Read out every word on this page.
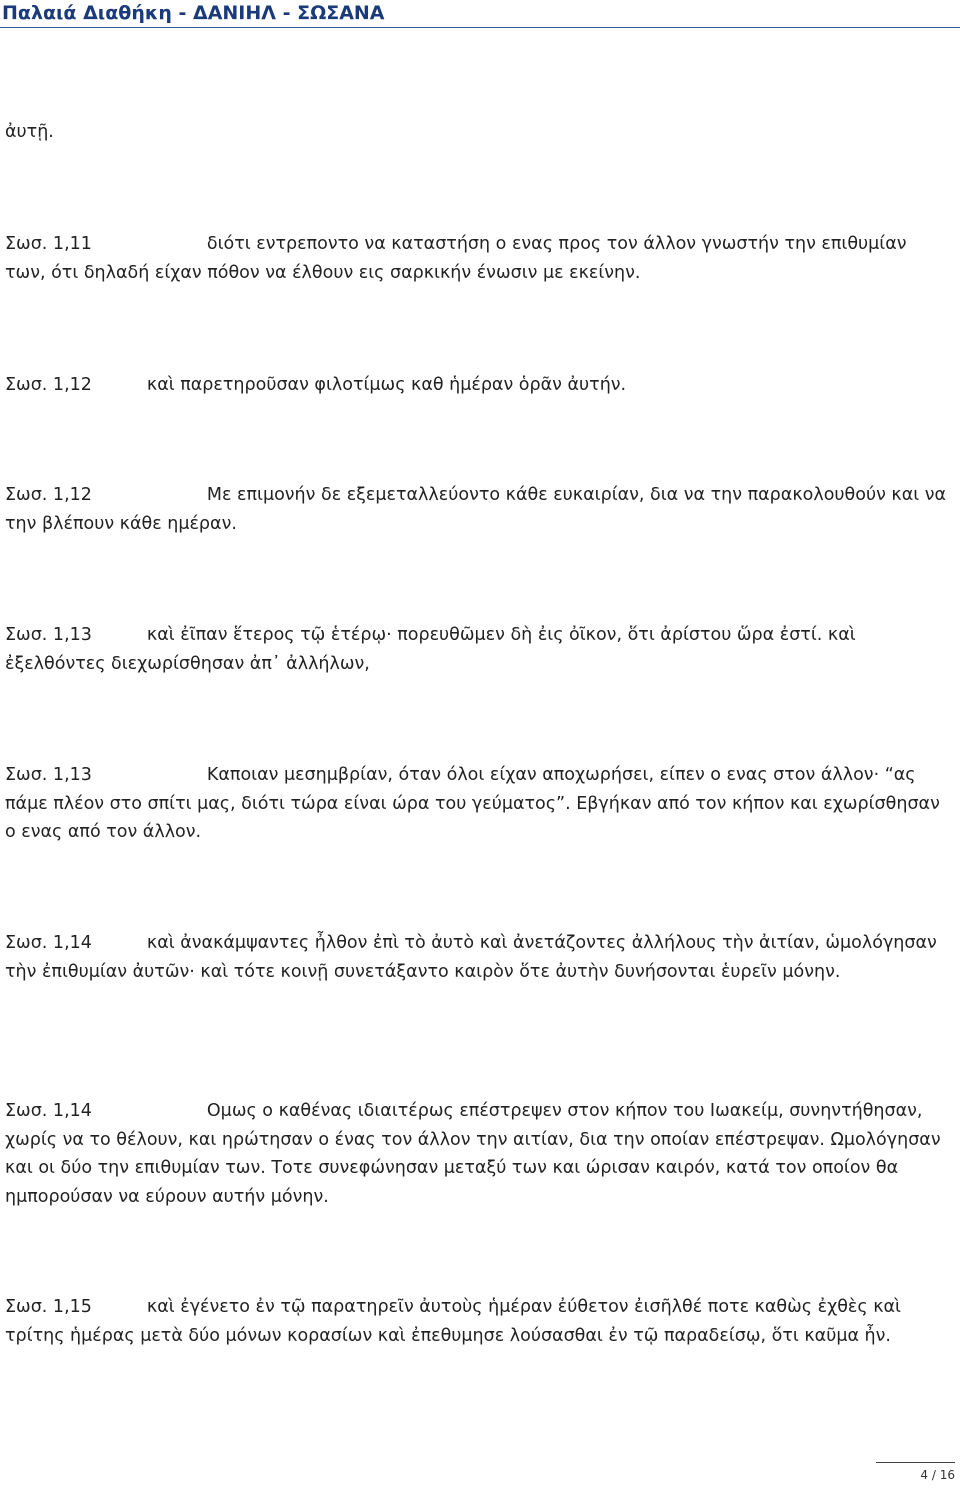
Παλαιά Διαθήκη - ΔΑΝΙΗΛ - ΣΩΣΑΝΑ
ἀυτῇ.
Σωσ. 1,11	διότι εντρεποντο να καταστήση ο ενας προς τον άλλον γνωστήν την επιθυμίαν των, ότι δηλαδή είχαν πόθον να έλθουν εις σαρκικήν ένωσιν με εκείνην.
Σωσ. 1,12	καὶ παρετηροῦσαν φιλοτίμως καθ ἡμέραν ὁρᾶν ἀυτήν.
Σωσ. 1,12	Με επιμονήν δε εξεμεταλλεύοντο κάθε ευκαιρίαν, δια να την παρακολουθούν και να την βλέπουν κάθε ημέραν.
Σωσ. 1,13	καὶ ἐῖπαν ἕτερος τῷ ἑτέρῳ· πορευθῶμεν δὴ ἐις ὀῖκον, ὅτι ἀρίστου ὥρα ἐστί. καὶ ἐξελθόντες διεχωρίσθησαν ἀπ᾿ ἀλλήλων,
Σωσ. 1,13	Καποιαν μεσημβρίαν, όταν όλοι είχαν αποχωρήσει, είπεν ο ενας στον άλλον· “ας πάμε πλέον στο σπίτι μας, διότι τώρα είναι ώρα του γεύματος”. Εβγήκαν από τον κήπον και εχωρίσθησαν ο ενας από τον άλλον.
Σωσ. 1,14	καὶ ἀνακάμψαντες ἦλθον ἐπὶ τὸ ἀυτὸ καὶ ἀνετάζοντες ἀλλήλους τὴν ἀιτίαν, ὡμολόγησαν τὴν ἐπιθυμίαν ἀυτῶν· καὶ τότε κοινῇ συνετάξαντο καιρὸν ὅτε ἀυτὴν δυνήσονται ἑυρεῖν μόνην.
Σωσ. 1,14	Ομως ο καθένας ιδιαιτέρως επέστρεψεν στον κήπον του Ιωακείμ, συνηντήθησαν, χωρίς να το θέλουν, και ηρώτησαν ο ένας τον άλλον την αιτίαν, δια την οποίαν επέστρεψαν. Ωμολόγησαν και οι δύο την επιθυμίαν των. Τοτε συνεφώνησαν μεταξύ των και ώρισαν καιρόν, κατά τον οποίον θα ημπορούσαν να εύρουν αυτήν μόνην.
Σωσ. 1,15	καὶ ἐγένετο ἐν τῷ παρατηρεῖν ἀυτοὺς ἡμέραν ἐύθετον ἐισῆλθέ ποτε καθὼς ἐχθὲς καὶ τρίτης ἡμέρας μετὰ δύο μόνων κορασίων καὶ ἐπεθυμησε λούσασθαι ἐν τῷ παραδείσῳ, ὅτι καῦμα ἦν.
4 / 16
